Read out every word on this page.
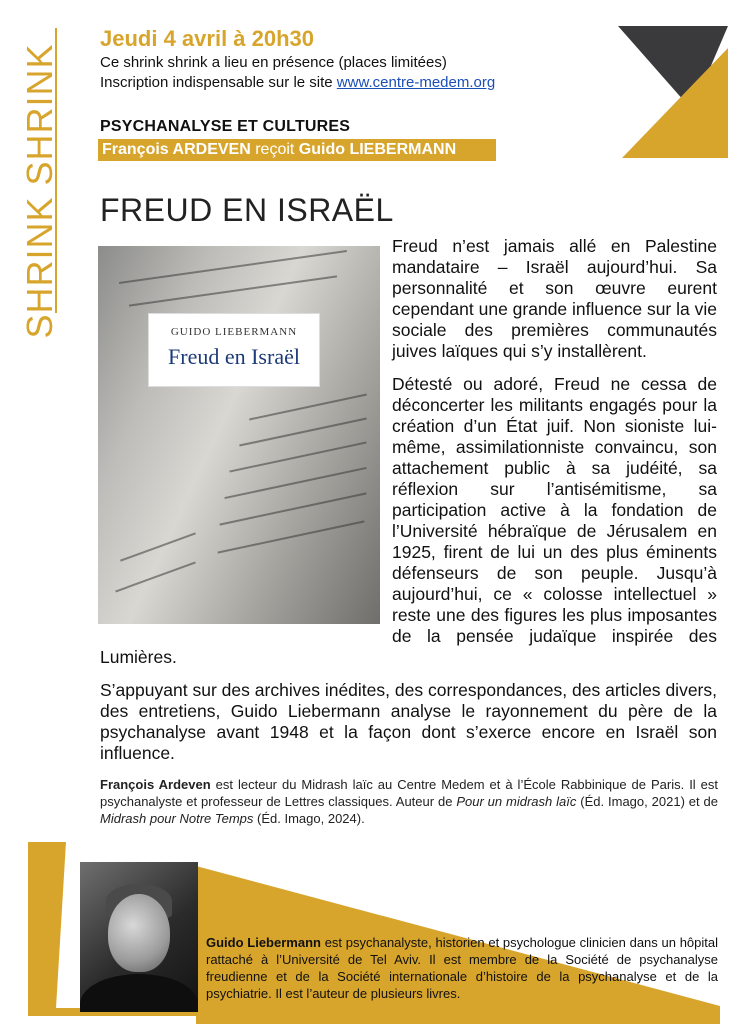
SHRINK SHRINK
Jeudi 4 avril à 20h30
Ce shrink shrink a lieu en présence (places limitées)
Inscription indispensable sur le site www.centre-medem.org
PSYCHANALYSE ET CULTURES
François ARDEVEN reçoit Guido LIEBERMANN
FREUD EN ISRAËL
GUIDO LIEBERMANN
Freud en Israël

Freud n’est jamais allé en Palestine mandataire – Israël aujourd’hui. Sa personnalité et son œuvre eurent cependant une grande influence sur la vie sociale des premières communautés juives laïques qui s’y installèrent.

Détesté ou adoré, Freud ne cessa de déconcerter les militants engagés pour la création d’un État juif. Non sioniste lui-même, assimilationniste convaincu, son attachement public à sa judéité, sa réflexion sur l’antisémitisme, sa participation active à la fondation de l’Université hébraïque de Jérusalem en 1925, firent de lui un des plus éminents défenseurs de son peuple. Jusqu’à aujourd’hui, ce « colosse intellectuel » reste une des figures les plus imposantes de la pensée judaïque inspirée des Lumières.

S’appuyant sur des archives inédites, des correspondances, des articles divers, des entretiens, Guido Liebermann analyse le rayonnement du père de la psychanalyse avant 1948 et la façon dont s’exerce encore en Israël son influence.

François Ardeven est lecteur du Midrash laïc au Centre Medem et à l’École Rabbinique de Paris. Il est psychanalyste et professeur de Lettres classiques. Auteur de Pour un midrash laïc (Éd. Imago, 2021) et de Midrash pour Notre Temps (Éd. Imago, 2024).
Guido Liebermann est psychanalyste, historien et psychologue clinicien dans un hôpital rattaché à l’Université de Tel Aviv. Il est membre de la Société de psychanalyse freudienne et de la Société internationale d’histoire de la psychanalyse et de la psychiatrie. Il est l’auteur de plusieurs livres.
